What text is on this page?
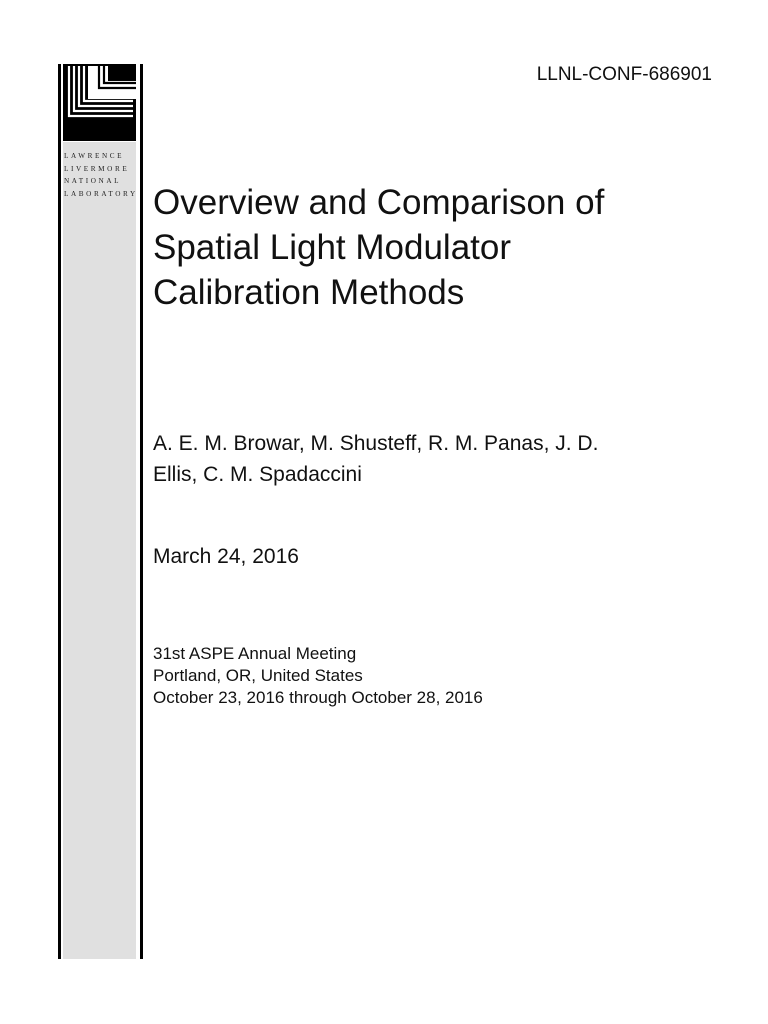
LAWRENCE
LIVERMORE
NATIONAL
LABORATORY
LLNL-CONF-686901
Overview and Comparison of
Spatial Light Modulator
Calibration Methods
A. E. M. Browar, M. Shusteff, R. M. Panas, J. D.
Ellis, C. M. Spadaccini
March 24, 2016
31st ASPE Annual Meeting
Portland, OR, United States
October 23, 2016 through October 28, 2016
